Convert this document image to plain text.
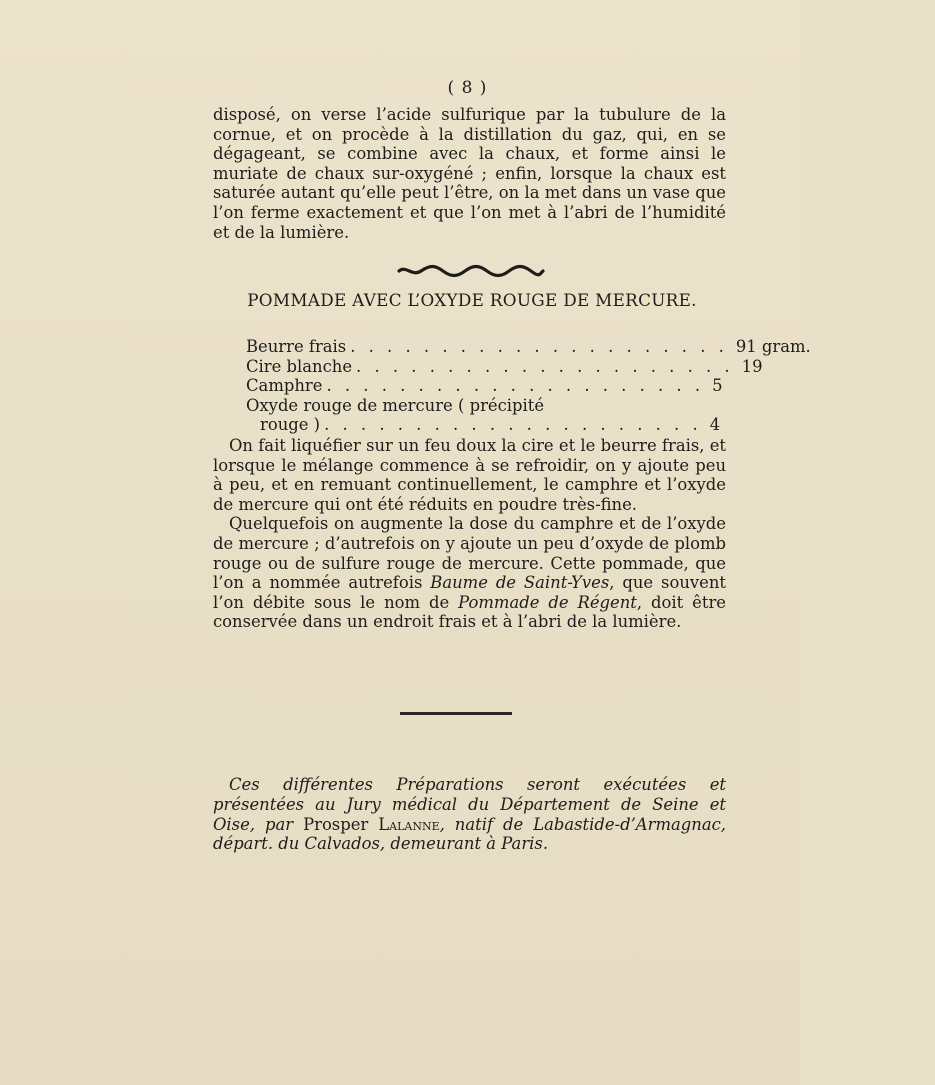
( 8 )

disposé, on verse l’acide sulfurique par la tubulure de la cornue, et on procède à la distillation du gaz, qui, en se dégageant, se combine avec la chaux, et forme ainsi le muriate de chaux sur-oxygéné ; enfin, lorsque la chaux est saturée autant qu’elle peut l’être, on la met dans un vase que l’on ferme exactement et que l’on met à l’abri de l’humidité et de la lumière.

POMMADE AVEC L’OXYDE ROUGE DE MERCURE.
Beurre frais . . . . . . . . . . . . . . . . . . . . . 91 gram.
Cire blanche . . . . . . . . . . . . . . . . . . . . . 19
Camphre . . . . . . . . . . . . . . . . . . . . . 5
Oxyde rouge de mercure ( précipité
rouge ) . . . . . . . . . . . . . . . . . . . . . 4

On fait liquéfier sur un feu doux la cire et le beurre frais, et lorsque le mélange commence à se refroidir, on y ajoute peu à peu, et en remuant continuellement, le camphre et l’oxyde de mercure qui ont été réduits en poudre très-fine.

Quelquefois on augmente la dose du camphre et de l’oxyde de mercure ; d’autrefois on y ajoute un peu d’oxyde de plomb rouge ou de sulfure rouge de mercure. Cette pommade, que l’on a nommée autrefois Baume de Saint-Yves, que souvent l’on débite sous le nom de Pommade de Régent, doit être conservée dans un endroit frais et à l’abri de la lumière.

Ces différentes Préparations seront exécutées et présentées au Jury médical du Département de Seine et Oise, par Prosper Lalanne, natif de Labastide-d’Armagnac, départ. du Calvados, demeurant à Paris.
